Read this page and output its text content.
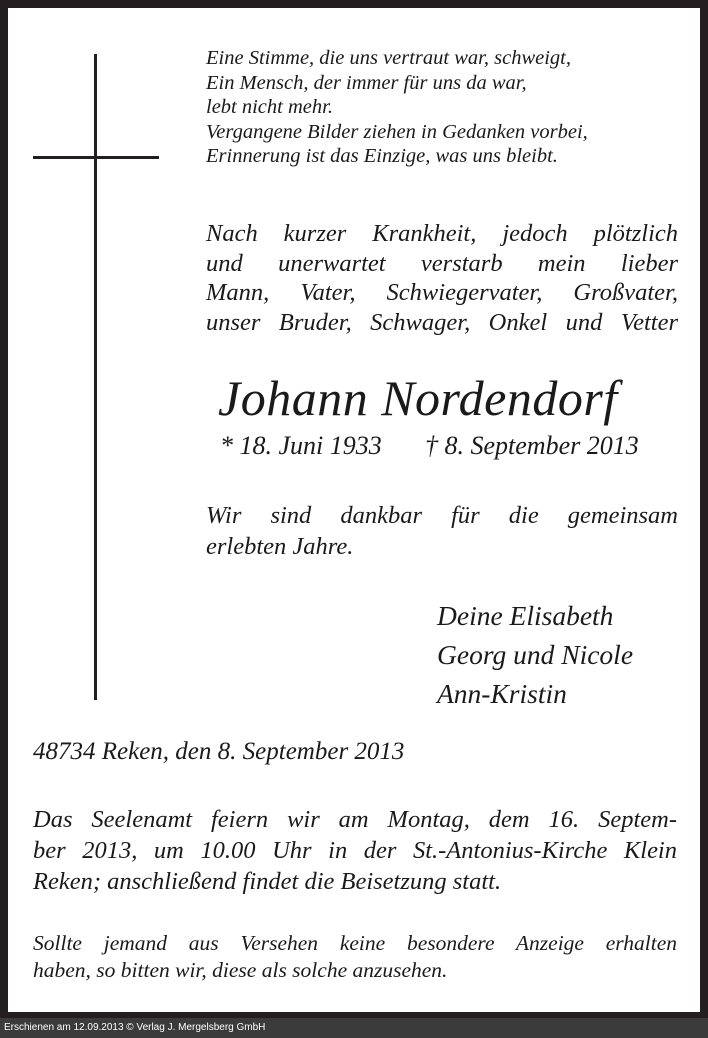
Eine Stimme, die uns vertraut war, schweigt,
Ein Mensch, der immer für uns da war,
lebt nicht mehr.
Vergangene Bilder ziehen in Gedanken vorbei,
Erinnerung ist das Einzige, was uns bleibt.
Nach kurzer Krankheit, jedoch plötzlich
und unerwartet verstarb mein lieber
Mann, Vater, Schwiegervater, Großvater,
unser Bruder, Schwager, Onkel und Vetter
Johann Nordendorf
* 18. Juni 1933 † 8. September 2013
Wir sind dankbar für die gemeinsam
erlebten Jahre.
Deine Elisabeth
Georg und Nicole
Ann-Kristin
48734 Reken, den 8. September 2013
Das Seelenamt feiern wir am Montag, dem 16. Septem-
ber 2013, um 10.00 Uhr in der St.-Antonius-Kirche Klein
Reken; anschließend findet die Beisetzung statt.
Sollte jemand aus Versehen keine besondere Anzeige erhalten
haben, so bitten wir, diese als solche anzusehen.
Erschienen am 12.09.2013 © Verlag J. Mergelsberg GmbH
